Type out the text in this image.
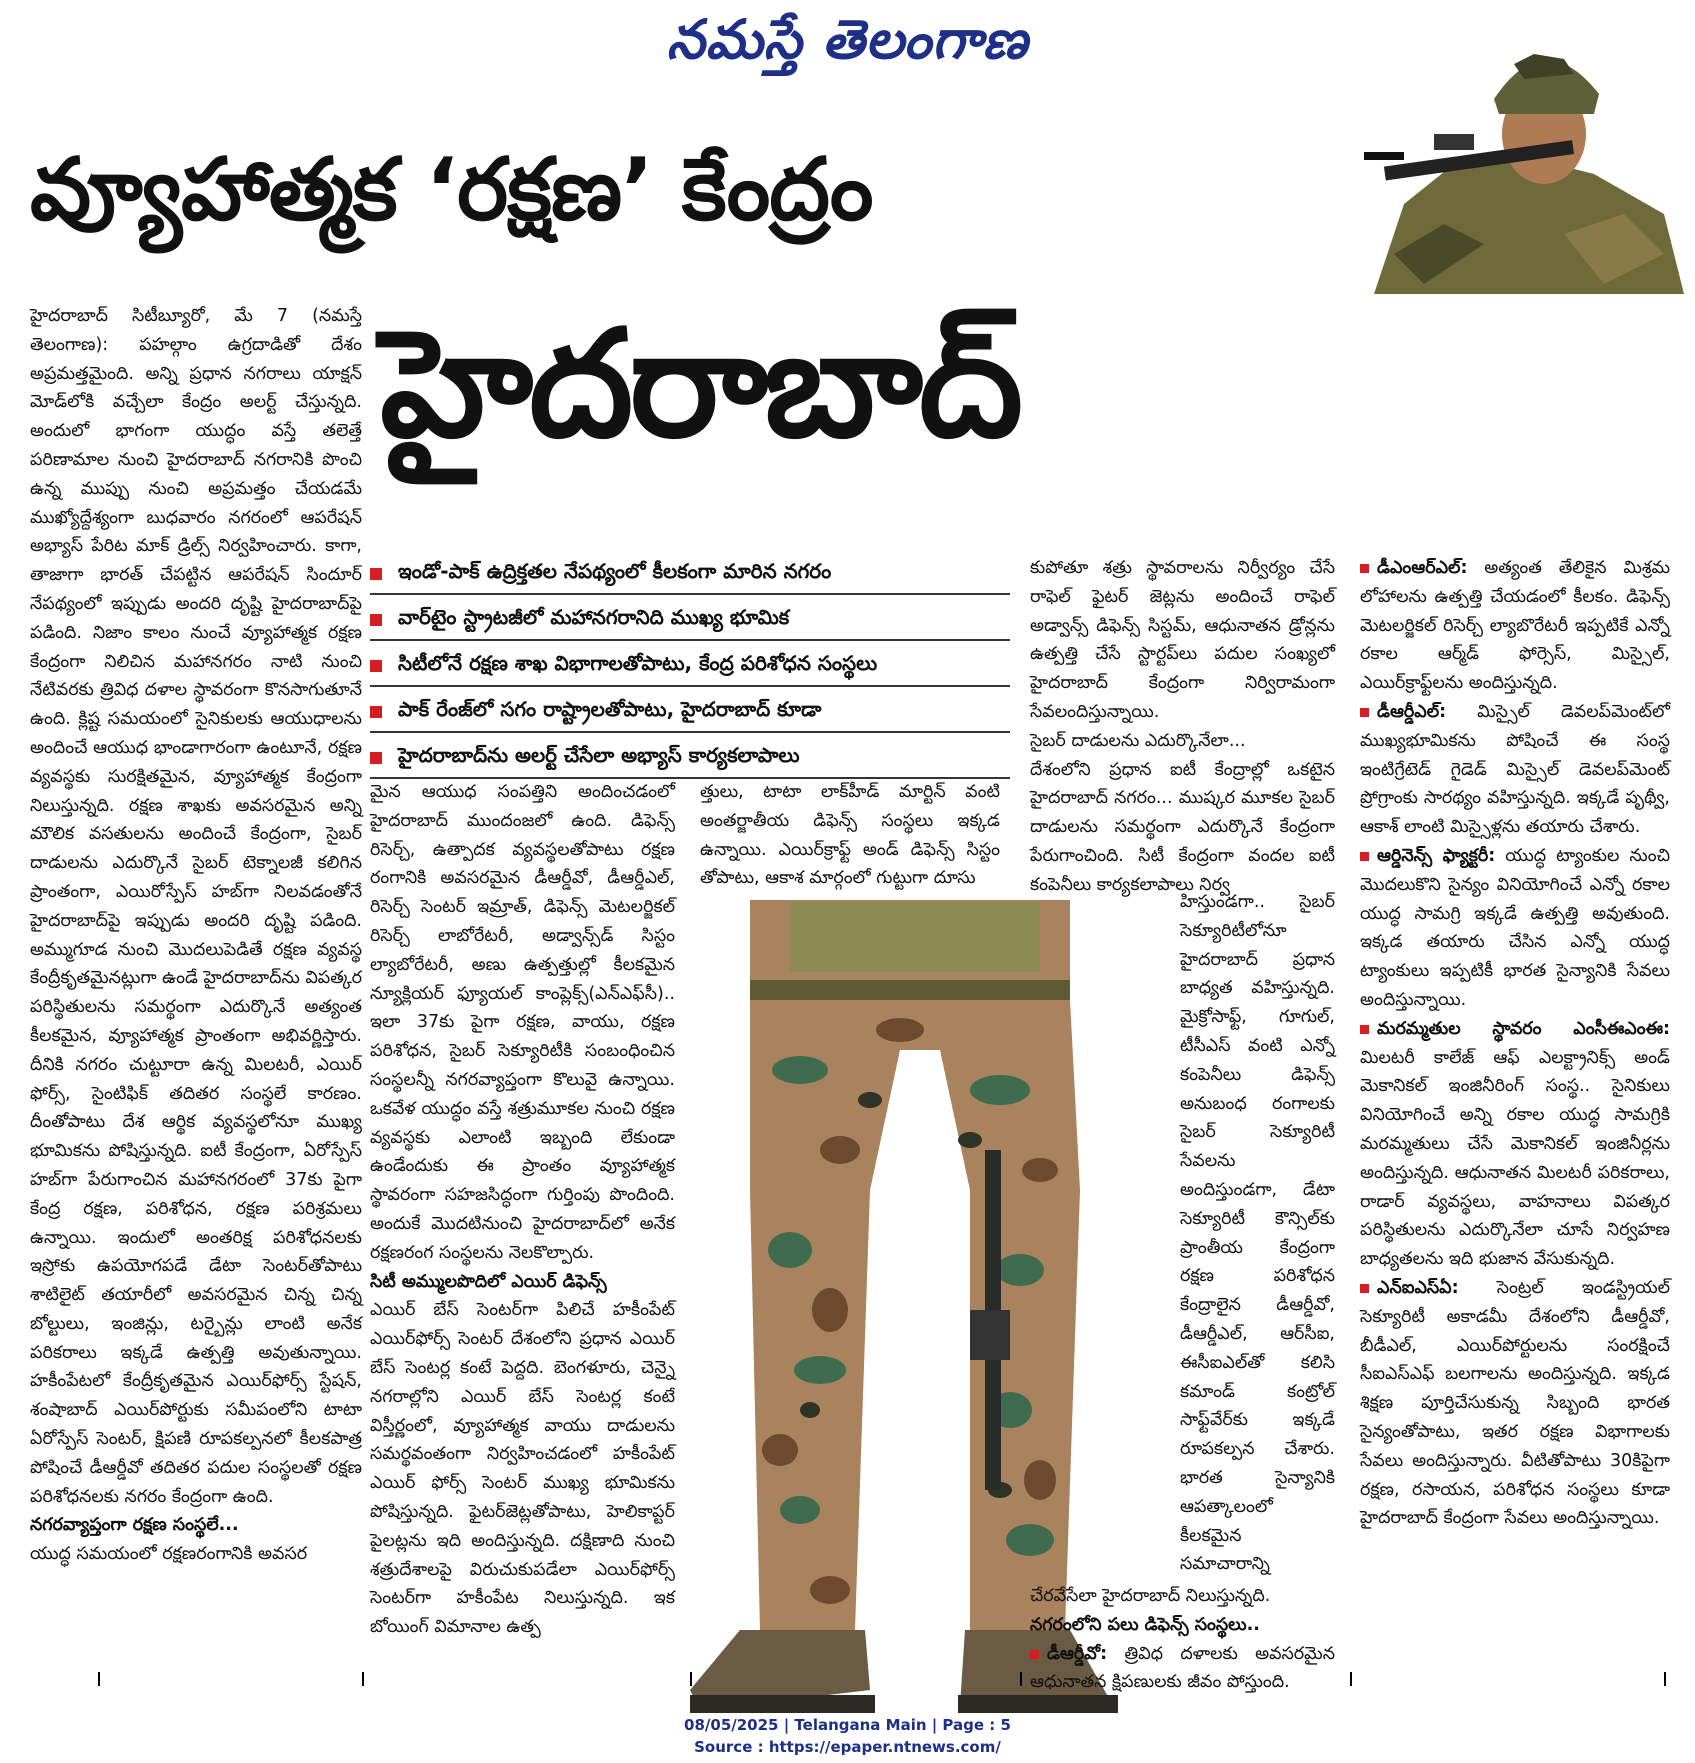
నమస్తే తెలంగాణ
వ్యూహాత్మక ‘రక్షణ’ కేంద్రం
హైదరాబాద్

హైదరాబాద్ సిటీబ్యూరో, మే 7 (నమస్తే తెలంగాణ): పహల్గాం ఉగ్రదాడితో దేశం అప్రమత్తమైంది. అన్ని ప్రధాన నగరాలు యాక్షన్ మోడ్‌లోకి వచ్చేలా కేంద్రం అలర్ట్ చేస్తున్నది. అందులో భాగంగా యుద్ధం వస్తే తలెత్తే పరిణామాల నుంచి హైదరాబాద్ నగరానికి పొంచి ఉన్న ముప్పు నుంచి అప్రమత్తం చేయడమే ముఖ్యోద్దేశ్యంగా బుధవారం నగరంలో ఆపరేషన్ అభ్యాస్ పేరిట మాక్ డ్రిల్స్ నిర్వహించారు. కాగా, తాజాగా భారత్ చేపట్టిన ఆపరేషన్ సిందూర్ నేపథ్యంలో ఇప్పుడు అందరి దృష్టి హైదరాబాద్‌పై పడింది. నిజాం కాలం నుంచే వ్యూహాత్మక రక్షణ కేంద్రంగా నిలిచిన మహానగరం నాటి నుంచి నేటివరకు త్రివిధ దళాల స్థావరంగా కొనసాగుతూనే ఉంది. క్లిష్ట సమయంలో సైనికులకు ఆయుధాలను అందించే ఆయుధ భాండాగారంగా ఉంటూనే, రక్షణ వ్యవస్థకు సురక్షితమైన, వ్యూహాత్మక కేంద్రంగా నిలుస్తున్నది. రక్షణ శాఖకు అవసరమైన అన్ని మౌలిక వసతులను అందించే కేంద్రంగా, సైబర్ దాడులను ఎదుర్కొనే సైబర్ టెక్నాలజీ కలిగిన ప్రాంతంగా, ఎయిరోస్పేస్ హబ్‌గా నిలవడంతోనే హైదరాబాద్‌పై ఇప్పుడు అందరి దృష్టి పడింది. అమ్ముగూడ నుంచి మొదలుపెడితే రక్షణ వ్యవస్థ కేంద్రీకృతమైనట్లుగా ఉండే హైదరాబాద్‌ను విపత్కర పరిస్థితులను సమర్థంగా ఎదుర్కొనే అత్యంత కీలకమైన, వ్యూహాత్మక ప్రాంతంగా అభివర్ణిస్తారు. దీనికి నగరం చుట్టూరా ఉన్న మిలటరీ, ఎయిర్ ఫోర్స్, సైంటిఫిక్ తదితర సంస్థలే కారణం. దీంతోపాటు దేశ ఆర్థిక వ్యవస్థలోనూ ముఖ్య భూమికను పోషిస్తున్నది. ఐటీ కేంద్రంగా, ఏరోస్పేస్ హబ్‌గా పేరుగాంచిన మహానగరంలో 37కు పైగా కేంద్ర రక్షణ, పరిశోధన, రక్షణ పరిశ్రమలు ఉన్నాయి. ఇందులో అంతరిక్ష పరిశోధనలకు ఇస్రోకు ఉపయోగపడే డేటా సెంటర్‌తోపాటు శాటిలైట్ తయారీలో అవసరమైన చిన్న చిన్న బోల్టులు, ఇంజిన్లు, టర్బైన్లు లాంటి అనేక పరికరాలు ఇక్కడే ఉత్పత్తి అవుతున్నాయి. హకీంపేటలో కేంద్రీకృతమైన ఎయిర్‌ఫోర్స్ స్టేషన్, శంషాబాద్ ఎయిర్‌పోర్టుకు సమీపంలోని టాటా ఏరోస్పేస్ సెంటర్, క్షిపణి రూపకల్పనలో కీలకపాత్ర పోషించే డీఆర్డీవో తదితర పదుల సంస్థలతో రక్షణ పరిశోధనలకు నగరం కేంద్రంగా ఉంది.

నగరవ్యాప్తంగా రక్షణ సంస్థలే...

యుద్ధ సమయంలో రక్షణరంగానికి అవసర

ఇండో-పాక్ ఉద్రిక్తతల నేపథ్యంలో కీలకంగా మారిన నగరం
వార్‌టైం స్ట్రాటజీలో మహానగరానిది ముఖ్య భూమిక
సిటీలోనే రక్షణ శాఖ విభాగాలతోపాటు, కేంద్ర పరిశోధన సంస్థలు
పాక్ రేంజ్‌లో సగం రాష్ట్రాలతోపాటు, హైదరాబాద్ కూడా
హైదరాబాద్‌ను అలర్ట్ చేసేలా అభ్యాస్ కార్యకలాపాలు

మైన ఆయుధ సంపత్తిని అందించడంలో హైదరాబాద్ ముందంజలో ఉంది. డిఫెన్స్ రిసెర్చ్, ఉత్పాదక వ్యవస్థలతోపాటు రక్షణ రంగానికి అవసరమైన డీఆర్డీవో, డీఆర్డీఎల్, రిసెర్చ్ సెంటర్ ఇమ్రాత్, డిఫెన్స్ మెటలర్జికల్ రిసెర్చ్ లాబోరేటరీ, అడ్వాన్స్‌డ్ సిస్టం ల్యాబోరేటరీ, అణు ఉత్పత్తుల్లో కీలకమైన న్యూక్లియర్ ఫ్యూయల్ కాంప్లెక్స్(ఎన్‌ఎఫ్‌సీ).. ఇలా 37కు పైగా రక్షణ, వాయు, రక్షణ పరిశోధన, సైబర్ సెక్యూరిటీకి సంబంధించిన సంస్థలన్నీ నగరవ్యాప్తంగా కొలువై ఉన్నాయి. ఒకవేళ యుద్ధం వస్తే శత్రుమూకల నుంచి రక్షణ వ్యవస్థకు ఎలాంటి ఇబ్బంది లేకుండా ఉండేందుకు ఈ ప్రాంతం వ్యూహాత్మక స్థావరంగా సహజసిద్ధంగా గుర్తింపు పొందింది. అందుకే మొదటినుంచి హైదరాబాద్‌లో అనేక రక్షణరంగ సంస్థలను నెలకొల్పారు.

సిటీ అమ్ములపొదిలో ఎయిర్ డిఫెన్స్

ఎయిర్ బేస్ సెంటర్‌గా పిలిచే హకీంపేట్ ఎయిర్‌ఫోర్స్ సెంటర్ దేశంలోని ప్రధాన ఎయిర్ బేస్ సెంటర్ల కంటే పెద్దది. బెంగళూరు, చెన్నై నగరాల్లోని ఎయిర్ బేస్ సెంటర్ల కంటే విస్తీర్ణంలో, వ్యూహాత్మక వాయు దాడులను సమర్థవంతంగా నిర్వహించడంలో హకీంపేట్ ఎయిర్ ఫోర్స్ సెంటర్ ముఖ్య భూమికను పోషిస్తున్నది. ఫైటర్‌జెట్లతోపాటు, హెలికాప్టర్ పైలట్లను ఇది అందిస్తున్నది. దక్షిణాది నుంచి శత్రుదేశాలపై విరుచుకుపడేలా ఎయిర్‌ఫోర్స్ సెంటర్‌గా హకీంపేట నిలుస్తున్నది. ఇక బోయింగ్ విమానాల ఉత్ప

త్తులు, టాటా లాక్‌హీడ్ మార్టిన్ వంటి అంతర్జాతీయ డిఫెన్స్ సంస్థలు ఇక్కడ ఉన్నాయి. ఎయిర్‌క్రాఫ్ట్ అండ్ డిఫెన్స్ సిస్టం తోపాటు, ఆకాశ మార్గంలో గుట్టుగా దూసు

కుపోతూ శత్రు స్థావరాలను నిర్వీర్యం చేసే రాఫెల్ ఫైటర్ జెట్లను అందించే రాఫెల్ అడ్వాన్స్ డిఫెన్స్ సిస్టమ్, ఆధునాతన డ్రోన్లను ఉత్పత్తి చేసే స్టార్టప్‌లు పదుల సంఖ్యలో హైదరాబాద్ కేంద్రంగా నిర్విరామంగా సేవలందిస్తున్నాయి.

సైబర్ దాడులను ఎదుర్కొనేలా...

దేశంలోని ప్రధాన ఐటీ కేంద్రాల్లో ఒకటైన హైదరాబాద్ నగరం... ముష్కర మూకల సైబర్ దాడులను సమర్థంగా ఎదుర్కొనే కేంద్రంగా పేరుగాంచింది. సిటీ కేంద్రంగా వందల ఐటీ కంపెనీలు కార్యకలాపాలు నిర్వ

హిస్తుండగా.. సైబర్ సెక్యూరిటీలోనూ హైదరాబాద్ ప్రధాన బాధ్యత వహిస్తున్నది. మైక్రోసాఫ్ట్, గూగుల్, టీసీఎస్ వంటి ఎన్నో కంపెనీలు డిఫెన్స్ అనుబంధ రంగాలకు సైబర్ సెక్యూరిటీ సేవలను అందిస్తుండగా, డేటా సెక్యూరిటీ కౌన్సిల్‌కు ప్రాంతీయ కేంద్రంగా రక్షణ పరిశోధన కేంద్రాలైన డీఆర్డీవో, డీఆర్డీఎల్, ఆర్‌సీఐ, ఈసీఐఎల్‌తో కలిసి కమాండ్ కంట్రోల్ సాఫ్ట్‌వేర్‌కు ఇక్కడే రూపకల్పన చేశారు. భారత సైన్యానికి ఆపత్కాలంలో కీలకమైన సమాచారాన్ని

చేరవేసేలా హైదరాబాద్ నిలుస్తున్నది.

నగరంలోని పలు డిఫెన్స్ సంస్థలు..

డీఆర్డీవో: త్రివిధ దళాలకు అవసరమైన ఆధునాతన క్షిపణులకు జీవం పోస్తుంది.

డీఎంఆర్ఎల్: అత్యంత తేలికైన మిశ్రమ లోహాలను ఉత్పత్తి చేయడంలో కీలకం. డిఫెన్స్ మెటలర్జికల్ రిసెర్చ్ ల్యాబొరేటరీ ఇప్పటికే ఎన్నో రకాల ఆర్మ్‌డ్ ఫోర్సెస్, మిస్సైల్, ఎయిర్‌క్రాఫ్ట్‌లను అందిస్తున్నది.

డీఆర్డీఎల్: మిస్సైల్ డెవలప్‌మెంట్‌లో ముఖ్యభూమికను పోషించే ఈ సంస్థ ఇంటిగ్రేటెడ్ గైడెడ్ మిస్సైల్ డెవలప్‌మెంట్ ప్రోగ్రాంకు సారథ్యం వహిస్తున్నది. ఇక్కడే పృథ్వీ, ఆకాశ్ లాంటి మిస్సైళ్లను తయారు చేశారు.

ఆర్డినెన్స్ ఫ్యాక్టరీ: యుద్ధ ట్యాంకుల నుంచి మొదలుకొని సైన్యం వినియోగించే ఎన్నో రకాల యుద్ధ సామగ్రి ఇక్కడే ఉత్పత్తి అవుతుంది. ఇక్కడ తయారు చేసిన ఎన్నో యుద్ధ ట్యాంకులు ఇప్పటికీ భారత సైన్యానికి సేవలు అందిస్తున్నాయి.

మరమ్మతుల స్థావరం ఎంసీఈఎంఈ: మిలటరీ కాలేజ్ ఆఫ్ ఎలక్ట్రానిక్స్ అండ్ మెకానికల్ ఇంజినీరింగ్ సంస్థ.. సైనికులు వినియోగించే అన్ని రకాల యుద్ధ సామగ్రికి మరమ్మతులు చేసే మెకానికల్ ఇంజినీర్లను అందిస్తున్నది. ఆధునాతన మిలటరీ పరికరాలు, రాడార్ వ్యవస్థలు, వాహనాలు విపత్కర పరిస్థితులను ఎదుర్కొనేలా చూసే నిర్వహణ బాధ్యతలను ఇది భుజాన వేసుకున్నది.

ఎన్ఐఎస్ఏ: సెంట్రల్ ఇండస్ట్రియల్ సెక్యూరిటీ అకాడమీ దేశంలోని డీఆర్డీవో, బీడీఎల్, ఎయిర్‌పోర్టులను సంరక్షించే సీఐఎస్ఎఫ్ బలగాలను అందిస్తున్నది. ఇక్కడ శిక్షణ పూర్తిచేసుకున్న సిబ్బంది భారత సైన్యంతోపాటు, ఇతర రక్షణ విభాగాలకు సేవలు అందిస్తున్నారు. వీటితోపాటు 30కిపైగా రక్షణ, రసాయన, పరిశోధన సంస్థలు కూడా హైదరాబాద్ కేంద్రంగా సేవలు అందిస్తున్నాయి.

08/05/2025 | Telangana Main | Page : 5
Source : https://epaper.ntnews.com/
